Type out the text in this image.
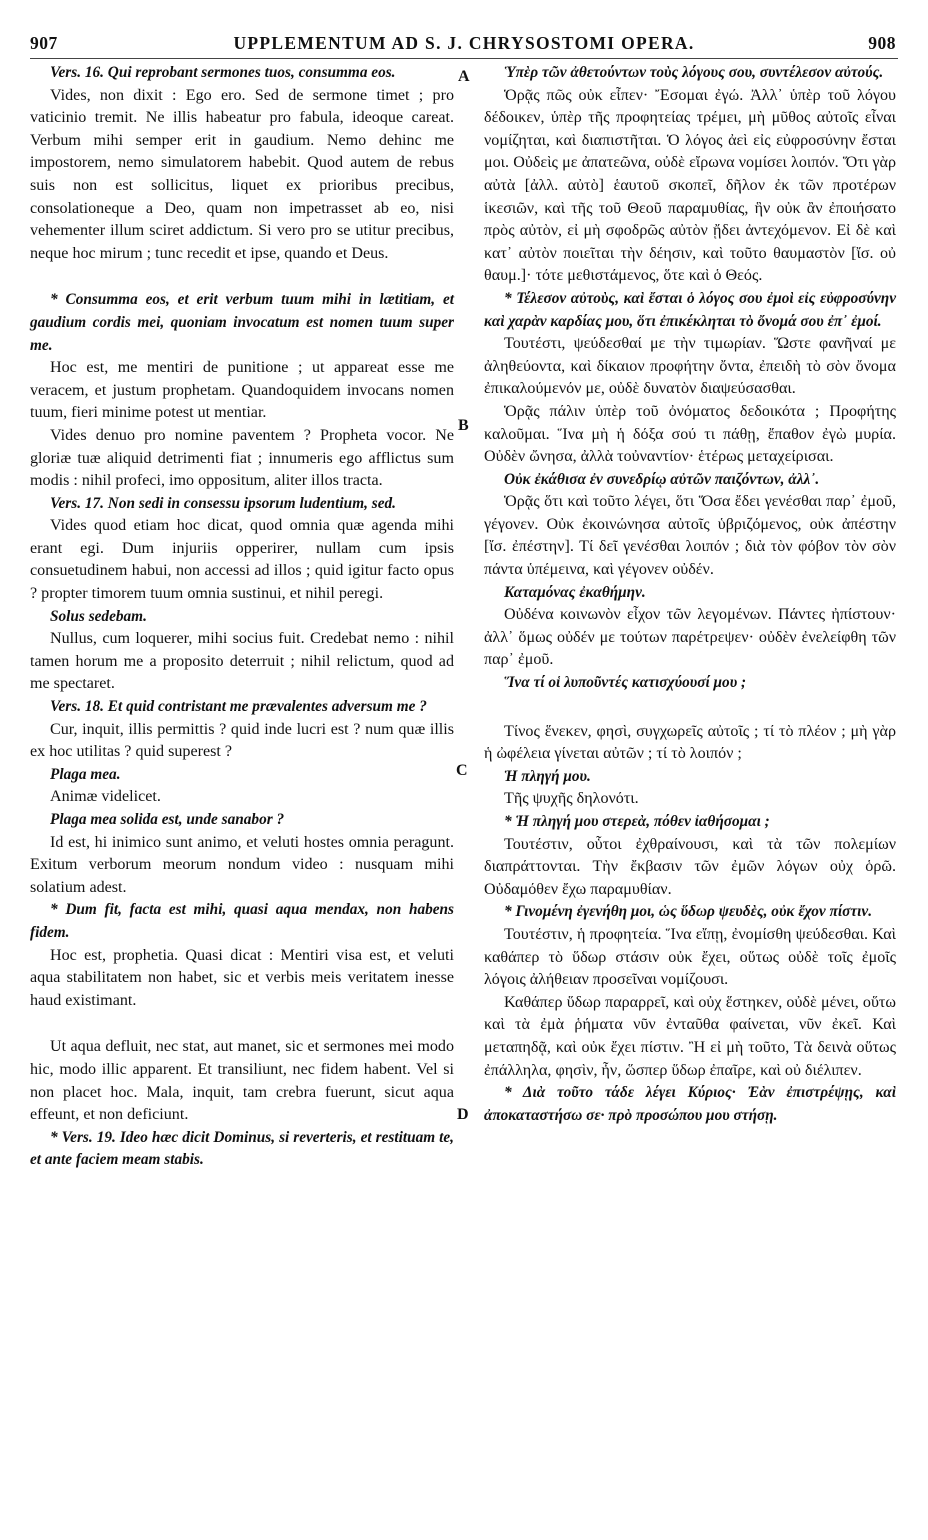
UPPLEMENTUM AD S. J. CHRYSOSTOMI OPERA.
907	908

Vers. 16. Qui reprobant sermones tuos, consumma eos.

Vides, non dixit : Ego ero. Sed de sermone timet ; pro vaticinio tremit. Ne illis habeatur pro fabula, ideoque careat. Verbum mihi semper erit in gaudium. Nemo dehinc me impostorem, nemo simulatorem habebit. Quod autem de rebus suis non est sollicitus, liquet ex prioribus precibus, consolationeque a Deo, quam non impetrasset ab eo, nisi vehementer illum sciret addictum. Si vero pro se utitur precibus, neque hoc mirum ; tunc recedit et ipse, quando et Deus.

* Consumma eos, et erit verbum tuum mihi in lætitiam, et gaudium cordis mei, quoniam invocatum est nomen tuum super me.

Hoc est, me mentiri de punitione ; ut appareat esse me veracem, et justum prophetam. Quandoquidem invocans nomen tuum, fieri minime potest ut mentiar.

Vides denuo pro nomine paventem ? Propheta vocor. Ne gloriæ tuæ aliquid detrimenti fiat ; innumeris ego afflictus sum modis : nihil profeci, imo oppositum, aliter illos tracta.

Vers. 17. Non sedi in consessu ipsorum ludentium, sed.

Vides quod etiam hoc dicat, quod omnia quæ agenda mihi erant egi. Dum injuriis opperirer, nullam cum ipsis consuetudinem habui, non accessi ad illos ; quid igitur facto opus ? propter timorem tuum omnia sustinui, et nihil peregi.

Solus sedebam.

Nullus, cum loquerer, mihi socius fuit. Credebat nemo : nihil tamen horum me a proposito deterruit ; nihil relictum, quod ad me spectaret.

Vers. 18. Et quid contristant me prævalentes adversum me ?

Cur, inquit, illis permittis ? quid inde lucri est ? num quæ illis ex hoc utilitas ? quid superest ?

Plaga mea.

Animæ videlicet.

Plaga mea solida est, unde sanabor ?

Id est, hi inimico sunt animo, et veluti hostes omnia peragunt. Exitum verborum meorum nondum video : nusquam mihi solatium adest.

* Dum fit, facta est mihi, quasi aqua mendax, non habens fidem.

Hoc est, prophetia. Quasi dicat : Mentiri visa est, et veluti aqua stabilitatem non habet, sic et verbis meis veritatem inesse haud existimant.

Ut aqua defluit, nec stat, aut manet, sic et sermones mei modo hic, modo illic apparent. Et transiliunt, nec fidem habent. Vel si non placet hoc. Mala, inquit, tam crebra fuerunt, sicut aqua effeunt, et non deficiunt.

* Vers. 19. Ideo hæc dicit Dominus, si reverteris, et restituam te, et ante faciem meam stabis.

Ὑπὲρ τῶν ἀθετούντων τοὺς λόγους σου, συντέλεσον αὐτούς.

Ὁρᾷς πῶς οὐκ εἶπεν· Ἔσομαι ἐγώ. Ἀλλ᾽ ὑπὲρ τοῦ λόγου δέδοικεν, ὑπὲρ τῆς προφητείας τρέμει, μὴ μῦθος αὐτοῖς εἶναι νομίζηται, καὶ διαπιστῆται. Ὁ λόγος ἀεὶ εἰς εὐφροσύνην ἔσται μοι. Οὐδεὶς με ἀπατεῶνα, οὐδὲ εἴρωνα νομίσει λοιπόν. Ὅτι γὰρ αὐτὰ [ἀλλ. αὐτὸ] ἑαυτοῦ σκοπεῖ, δῆλον ἐκ τῶν προτέρων ἱκεσιῶν, καὶ τῆς τοῦ Θεοῦ παραμυθίας, ἣν οὐκ ἂν ἐποιήσατο πρὸς αὐτὸν, εἰ μὴ σφοδρῶς αὐτὸν ᾔδει ἀντεχόμενον. Εἰ δὲ καὶ κατ᾽ αὐτὸν ποιεῖται τὴν δέησιν, καὶ τοῦτο θαυμαστὸν [ἴσ. οὐ θαυμ.]· τότε μεθιστάμενος, ὅτε καὶ ὁ Θεός.

* Τέλεσον αὐτοὺς, καὶ ἔσται ὁ λόγος σου ἐμοὶ εἰς εὐφροσύνην καὶ χαρὰν καρδίας μου, ὅτι ἐπικέκληται τὸ ὄνομά σου ἐπ᾽ ἐμοί.

Τουτέστι, ψεύδεσθαί με τὴν τιμωρίαν. Ὥστε φανῆναί με ἀληθεύοντα, καὶ δίκαιον προφήτην ὄντα, ἐπειδὴ τὸ σὸν ὄνομα ἐπικαλούμενόν με, οὐδὲ δυνατὸν διαψεύσασθαι.

Ὁρᾷς πάλιν ὑπὲρ τοῦ ὀνόματος δεδοικότα ; Προφήτης καλοῦμαι. Ἵνα μὴ ἡ δόξα σού τι πάθῃ, ἔπαθον ἐγὼ μυρία. Οὐδὲν ὤνησα, ἀλλὰ τοὐναντίον· ἑτέρως μεταχείρισαι.

Οὐκ ἐκάθισα ἐν συνεδρίῳ αὐτῶν παιζόντων, ἀλλ᾽.

Ὁρᾷς ὅτι καὶ τοῦτο λέγει, ὅτι Ὅσα ἔδει γενέσθαι παρ᾽ ἐμοῦ, γέγονεν. Οὐκ ἐκοινώνησα αὐτοῖς ὑβριζόμενος, οὐκ ἀπέστην [ἴσ. ἐπέστην]. Τί δεῖ γενέσθαι λοιπόν ; διὰ τὸν φόβον τὸν σὸν πάντα ὑπέμεινα, καὶ γέγονεν οὐδέν.

Καταμόνας ἐκαθήμην.

Οὐδένα κοινωνὸν εἶχον τῶν λεγομένων. Πάντες ἠπίστουν· ἀλλ᾽ ὅμως οὐδέν με τούτων παρέτρεψεν· οὐδὲν ἐνελείφθη τῶν παρ᾽ ἐμοῦ.

Ἵνα τί οἱ λυποῦντές κατισχύουσί μου ;

Τίνος ἕνεκεν, φησὶ, συγχωρεῖς αὐτοῖς ; τί τὸ πλέον ; μὴ γὰρ ἡ ὠφέλεια γίνεται αὐτῶν ; τί τὸ λοιπόν ;

Ἡ πληγή μου.

Τῆς ψυχῆς δηλονότι.

* Ἡ πληγή μου στερεὰ, πόθεν ἰαθήσομαι ;

Τουτέστιν, οὗτοι ἐχθραίνουσι, καὶ τὰ τῶν πολεμίων διαπράττονται. Τὴν ἔκβασιν τῶν ἐμῶν λόγων οὐχ ὁρῶ. Οὐδαμόθεν ἔχω παραμυθίαν.

* Γινομένη ἐγενήθη μοι, ὡς ὕδωρ ψευδὲς, οὐκ ἔχον πίστιν.

Τουτέστιν, ἡ προφητεία. Ἵνα εἴπῃ, ἐνομίσθη ψεύδεσθαι. Καὶ καθάπερ τὸ ὕδωρ στάσιν οὐκ ἔχει, οὕτως οὐδὲ τοῖς ἐμοῖς λόγοις ἀλήθειαν προσεῖναι νομίζουσι.

Καθάπερ ὕδωρ παραρρεῖ, καὶ οὐχ ἕστηκεν, οὐδὲ μένει, οὕτω καὶ τὰ ἐμὰ ῥήματα νῦν ἐνταῦθα φαίνεται, νῦν ἐκεῖ. Καὶ μεταπηδᾷ, καὶ οὐκ ἔχει πίστιν. Ἢ εἰ μὴ τοῦτο, Τὰ δεινὰ οὕτως ἐπάλληλα, φησὶν, ἦν, ὥσπερ ὕδωρ ἐπαῖρε, καὶ οὐ διέλιπεν.

* Διὰ τοῦτο τάδε λέγει Κύριος· Ἐὰν ἐπιστρέψῃς, καὶ ἀποκαταστήσω σε· πρὸ προσώπου μου στήσῃ.

A
B
C
D
